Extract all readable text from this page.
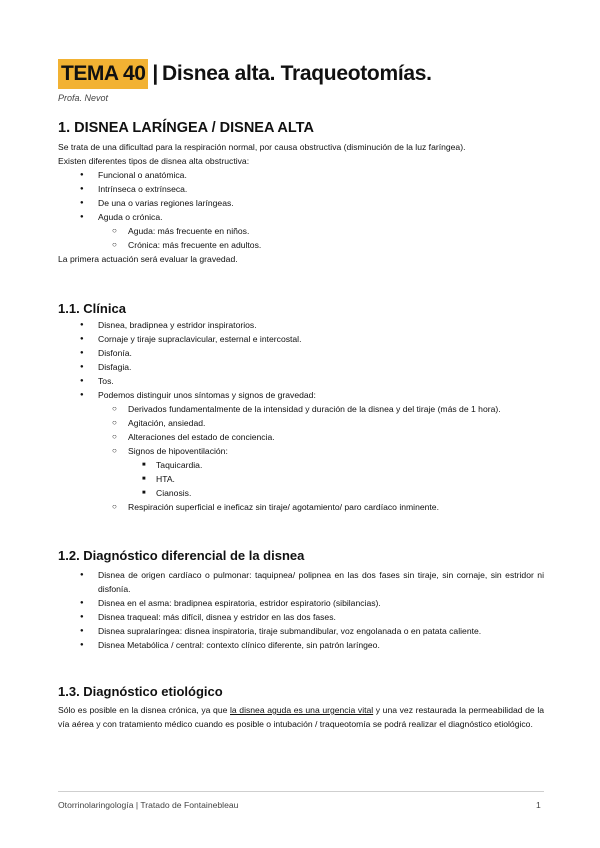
TEMA 40 | Disnea alta. Traqueotomías.
Profa. Nevot
1. DISNEA LARÍNGEA / DISNEA ALTA

Se trata de una dificultad para la respiración normal, por causa obstructiva (disminución de la luz faríngea).

Existen diferentes tipos de disnea alta obstructiva:

● Funcional o anatómica.
● Intrínseca o extrínseca.
● De una o varias regiones laríngeas.
● Aguda o crónica.
○ Aguda: más frecuente en niños.
○ Crónica: más frecuente en adultos.

La primera actuación será evaluar la gravedad.

1.1. Clínica
● Disnea, bradipnea y estridor inspiratorios.
● Cornaje y tiraje supraclavicular, esternal e intercostal.
● Disfonía.
● Disfagia.
● Tos.
● Podemos distinguir unos síntomas y signos de gravedad:
○ Derivados fundamentalmente de la intensidad y duración de la disnea y del tiraje (más de 1 hora).
○ Agitación, ansiedad.
○ Alteraciones del estado de conciencia.
○ Signos de hipoventilación:
■ Taquicardia.
■ HTA.
■ Cianosis.
○ Respiración superficial e ineficaz sin tiraje/ agotamiento/ paro cardíaco inminente.
1.2. Diagnóstico diferencial de la disnea
● Disnea de origen cardíaco o pulmonar: taquipnea/ polipnea en las dos fases sin tiraje, sin cornaje, sin estridor ni disfonía.
● Disnea en el asma: bradipnea espiratoria, estridor espiratorio (sibilancias).
● Disnea traqueal: más difícil, disnea y estridor en las dos fases.
● Disnea supralaríngea: disnea inspiratoria, tiraje submandibular, voz engolanada o en patata caliente.
● Disnea Metabólica / central: contexto clínico diferente, sin patrón laríngeo.
1.3. Diagnóstico etiológico

Sólo es posible en la disnea crónica, ya que la disnea aguda es una urgencia vital y una vez restaurada la permeabilidad de la vía aérea y con tratamiento médico cuando es posible o intubación / traqueotomía se podrá realizar el diagnóstico etiológico.

Otorrinolaringología | Tratado de Fontainebleau	1
